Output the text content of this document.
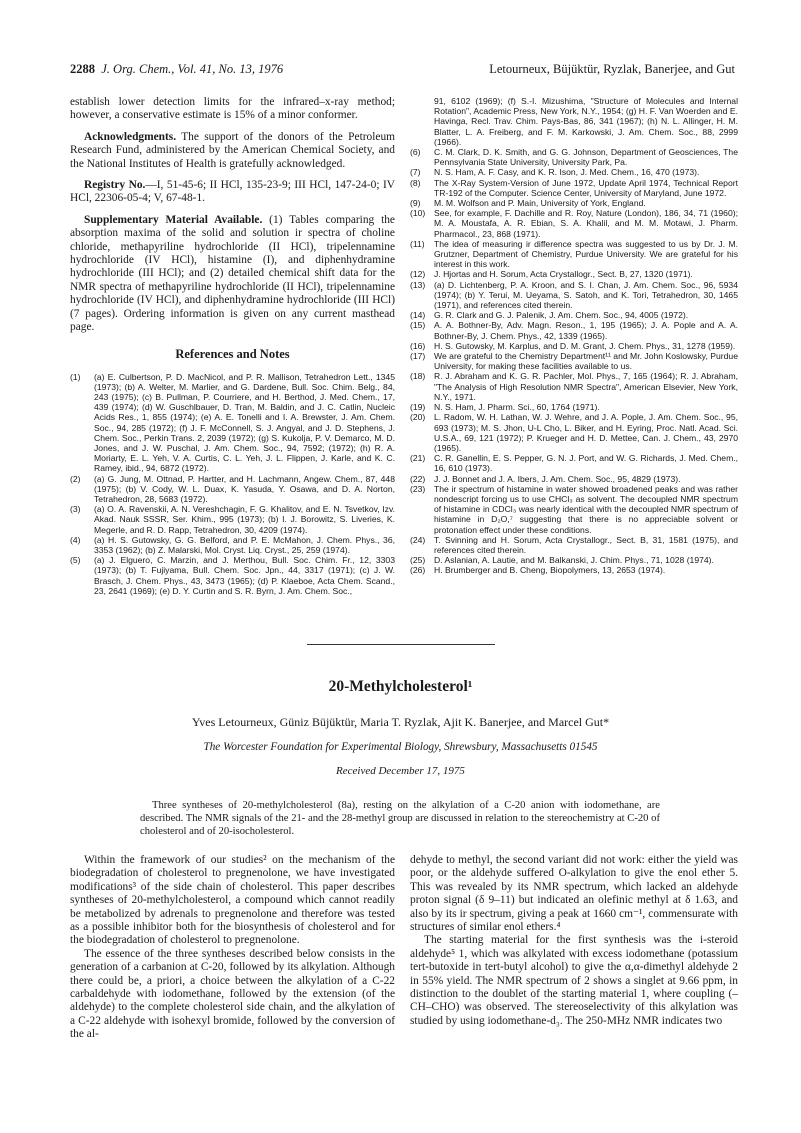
2288 J. Org. Chem., Vol. 41, No. 13, 1976	Letourneux, Büjüktür, Ryzlak, Banerjee, and Gut

establish lower detection limits for the infrared–x-ray method; however, a conservative estimate is 15% of a minor conformer.

Acknowledgments. The support of the donors of the Petroleum Research Fund, administered by the American Chemical Society, and the National Institutes of Health is gratefully acknowledged.

Registry No.—I, 51-45-6; II HCl, 135-23-9; III HCl, 147-24-0; IV HCl, 22306-05-4; V, 67-48-1.

Supplementary Material Available. (1) Tables comparing the absorption maxima of the solid and solution ir spectra of choline chloride, methapyriline hydrochloride (II HCl), tripelennamine hydrochloride (IV HCl), histamine (I), and diphenhydramine hydrochloride (III HCl); and (2) detailed chemical shift data for the NMR spectra of methapyriline hydrochloride (II HCl), tripelennamine hydrochloride (IV HCl), and diphenhydramine hydrochloride (III HCl) (7 pages). Ordering information is given on any current masthead page.

References and Notes
(1)	(a) E. Culbertson, P. D. MacNicol, and P. R. Mallison, Tetrahedron Lett., 1345 (1973); (b) A. Welter, M. Marlier, and G. Dardene, Bull. Soc. Chim. Belg., 84, 243 (1975); (c) B. Pullman, P. Courriere, and H. Berthod, J. Med. Chem., 17, 439 (1974); (d) W. Guschlbauer, D. Tran, M. Baldin, and J. C. Catlin, Nucleic Acids Res., 1, 855 (1974); (e) A. E. Tonelli and I. A. Brewster, J. Am. Chem. Soc., 94, 285 (1972); (f) J. F. McConnell, S. J. Angyal, and J. D. Stephens, J. Chem. Soc., Perkin Trans. 2, 2039 (1972); (g) S. Kukolja, P. V. Demarco, M. D. Jones, and J. W. Puschal, J. Am. Chem. Soc., 94, 7592; (1972); (h) R. A. Moriarty, E. L. Yeh, V. A. Curtis, C. L. Yeh, J. L. Flippen, J. Karle, and K. C. Ramey, ibid., 94, 6872 (1972).
(2)	(a) G. Jung, M. Ottnad, P. Hartter, and H. Lachmann, Angew. Chem., 87, 448 (1975); (b) V. Cody, W. L. Duax, K. Yasuda, Y. Osawa, and D. A. Norton, Tetrahedron, 28, 5683 (1972).
(3)	(a) O. A. Ravenskii, A. N. Vereshchagin, F. G. Khalitov, and E. N. Tsvetkov, Izv. Akad. Nauk SSSR, Ser. Khim., 995 (1973); (b) I. J. Borowitz, S. Liveries, K. Megerle, and R. D. Rapp, Tetrahedron, 30, 4209 (1974).
(4)	(a) H. S. Gutowsky, G. G. Belford, and P. E. McMahon, J. Chem. Phys., 36, 3353 (1962); (b) Z. Malarski, Mol. Cryst. Liq. Cryst., 25, 259 (1974).
(5)	(a) J. Elguero, C. Marzin, and J. Merthou, Bull. Soc. Chim. Fr., 12, 3303 (1973); (b) T. Fujiyama, Bull. Chem. Soc. Jpn., 44, 3317 (1971); (c) J. W. Brasch, J. Chem. Phys., 43, 3473 (1965); (d) P. Klaeboe, Acta Chem. Scand., 23, 2641 (1969); (e) D. Y. Curtin and S. R. Byrn, J. Am. Chem. Soc.,
91, 6102 (1969); (f) S.-I. Mizushima, "Structure of Molecules and Internal Rotation", Academic Press, New York, N.Y., 1954; (g) H. F. Van Woerden and E. Havinga, Recl. Trav. Chim. Pays-Bas, 86, 341 (1967); (h) N. L. Allinger, H. M. Blatter, L. A. Freiberg, and F. M. Karkowski, J. Am. Chem. Soc., 88, 2999 (1966).
(6)	C. M. Clark, D. K. Smith, and G. G. Johnson, Department of Geosciences, The Pennsylvania State University, University Park, Pa.
(7)	N. S. Ham, A. F. Casy, and K. R. Ison, J. Med. Chem., 16, 470 (1973).
(8)	The X-Ray System-Version of June 1972, Update April 1974, Technical Report TR-192 of the Computer. Science Center, University of Maryland, June 1972.
(9)	M. M. Wolfson and P. Main, University of York, England.
(10)	See, for example, F. Dachille and R. Roy, Nature (London), 186, 34, 71 (1960); M. A. Moustafa, A. R. Ebian, S. A. Khalil, and M. M. Motawi, J. Pharm. Pharmacol., 23, 868 (1971).
(11)	The idea of measuring ir difference spectra was suggested to us by Dr. J. M. Grutzner, Department of Chemistry, Purdue University. We are grateful for his interest in this work.
(12)	J. Hjortas and H. Sorum, Acta Crystallogr., Sect. B, 27, 1320 (1971).
(13)	(a) D. Lichtenberg, P. A. Kroon, and S. I. Chan, J. Am. Chem. Soc., 96, 5934 (1974); (b) Y. Terui, M. Ueyama, S. Satoh, and K. Tori, Tetrahedron, 30, 1465 (1971), and references cited therein.
(14)	G. R. Clark and G. J. Palenik, J. Am. Chem. Soc., 94, 4005 (1972).
(15)	A. A. Bothner-By, Adv. Magn. Reson., 1, 195 (1965); J. A. Pople and A. A. Bothner-By, J. Chem. Phys., 42, 1339 (1965).
(16)	H. S. Gutowsky, M. Karplus, and D. M. Grant, J. Chem. Phys., 31, 1278 (1959).
(17)	We are grateful to the Chemistry Department¹¹ and Mr. John Koslowsky, Purdue University, for making these facilities available to us.
(18)	R. J. Abraham and K. G. R. Pachler, Mol. Phys., 7, 165 (1964); R. J. Abraham, "The Analysis of High Resolution NMR Spectra", American Elsevier, New York, N.Y., 1971.
(19)	N. S. Ham, J. Pharm. Sci., 60, 1764 (1971).
(20)	L. Radom, W. H. Lathan, W. J. Wehre, and J. A. Pople, J. Am. Chem. Soc., 95, 693 (1973); M. S. Jhon, U-L Cho, L. Biker, and H. Eyring, Proc. Natl. Acad. Sci. U.S.A., 69, 121 (1972); P. Krueger and H. D. Mettee, Can. J. Chem., 43, 2970 (1965).
(21)	C. R. Ganellin, E. S. Pepper, G. N. J. Port, and W. G. Richards, J. Med. Chem., 16, 610 (1973).
(22)	J. J. Bonnet and J. A. Ibers, J. Am. Chem. Soc., 95, 4829 (1973).
(23)	The ir spectrum of histamine in water showed broadened peaks and was rather nondescript forcing us to use CHCl₃ as solvent. The decoupled NMR spectrum of histamine in CDCl₃ was nearly identical with the decoupled NMR spectrum of histamine in D₂O,⁷ suggesting that there is no appreciable solvent or protonation effect under these conditions.
(24)	T. Svinning and H. Sorum, Acta Crystallogr., Sect. B, 31, 1581 (1975), and references cited therein.
(25)	D. Aslanian, A. Lautie, and M. Balkanski, J. Chim. Phys., 71, 1028 (1974).
(26)	H. Brumberger and B. Cheng, Biopolymers, 13, 2653 (1974).
20-Methylcholesterol¹
Yves Letourneux, Güniz Büjüktür, Maria T. Ryzlak, Ajit K. Banerjee, and Marcel Gut*
The Worcester Foundation for Experimental Biology, Shrewsbury, Massachusetts 01545
Received December 17, 1975
Three syntheses of 20-methylcholesterol (8a), resting on the alkylation of a C-20 anion with iodomethane, are described. The NMR signals of the 21- and the 28-methyl group are discussed in relation to the stereochemistry at C-20 of cholesterol and of 20-isocholesterol.

Within the framework of our studies² on the mechanism of the biodegradation of cholesterol to pregnenolone, we have investigated modifications³ of the side chain of cholesterol. This paper describes syntheses of 20-methylcholesterol, a compound which cannot readily be metabolized by adrenals to pregnenolone and therefore was tested as a possible inhibitor both for the biosynthesis of cholesterol and for the biodegradation of cholesterol to pregnenolone.

The essence of the three syntheses described below consists in the generation of a carbanion at C-20, followed by its alkylation. Although there could be, a priori, a choice between the alkylation of a C-22 carbaldehyde with iodomethane, followed by the extension (of the aldehyde) to the complete cholesterol side chain, and the alkylation of a C-22 aldehyde with isohexyl bromide, followed by the conversion of the al-

dehyde to methyl, the second variant did not work: either the yield was poor, or the aldehyde suffered O-alkylation to give the enol ether 5. This was revealed by its NMR spectrum, which lacked an aldehyde proton signal (δ 9–11) but indicated an olefinic methyl at δ 1.63, and also by its ir spectrum, giving a peak at 1660 cm⁻¹, commensurate with structures of similar enol ethers.⁴

The starting material for the first synthesis was the i-steroid aldehyde⁵ 1, which was alkylated with excess iodomethane (potassium tert-butoxide in tert-butyl alcohol) to give the α,α-dimethyl aldehyde 2 in 55% yield. The NMR spectrum of 2 shows a singlet at 9.66 ppm, in distinction to the doublet of the starting material 1, where coupling (–CH–CHO) was observed. The stereoselectivity of this alkylation was studied by using iodomethane-d₃. The 250-MHz NMR indicates two
